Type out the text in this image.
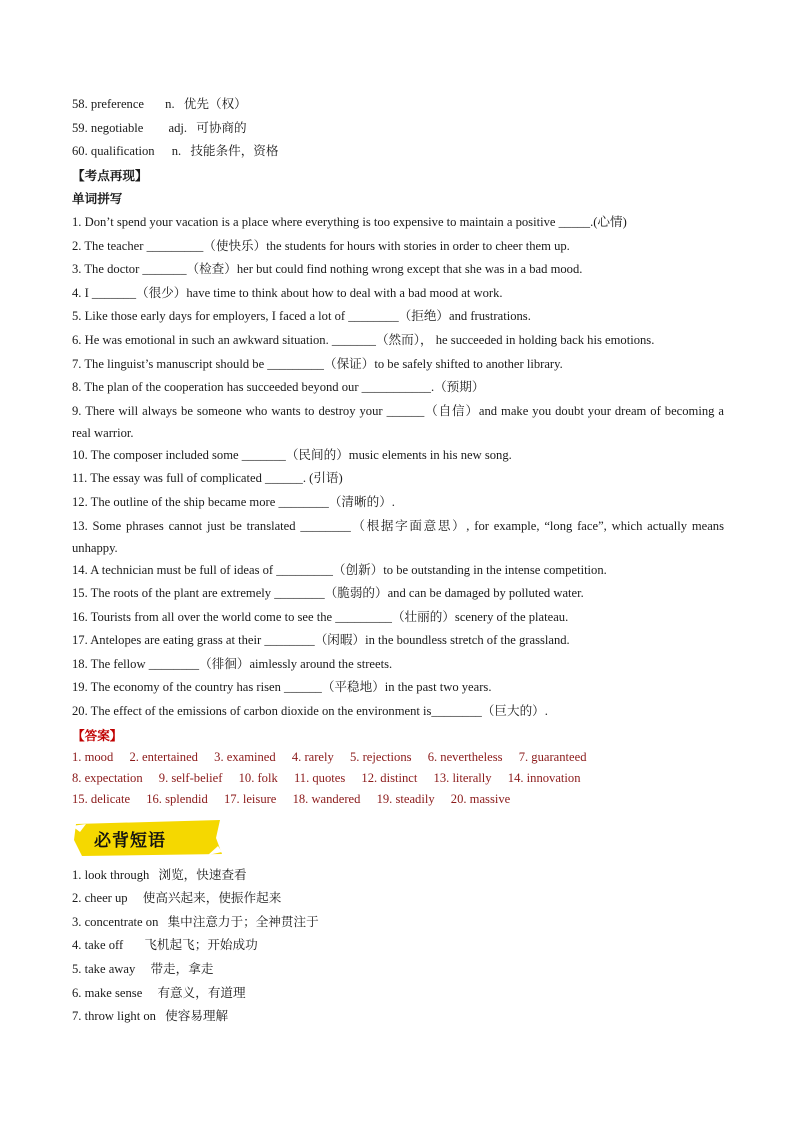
58. preference n. 优先（权）
59. negotiable adj. 可协商的
60. qualification n. 技能条件，资格
【考点再现】
单词拼写
1. Don’t spend your vacation is a place where everything is too expensive to maintain a positive _____.(心情)
2. The teacher _________（使快乐）the students for hours with stories in order to cheer them up.
3. The doctor _______（检查）her but could find nothing wrong except that she was in a bad mood.
4. I _______（很少）have time to think about how to deal with a bad mood at work.
5. Like those early days for employers, I faced a lot of ________（拒绝）and frustrations.
6. He was emotional in such an awkward situation. _______（然而）， he succeeded in holding back his emotions.
7. The linguist’s manuscript should be _________（保证）to be safely shifted to another library.
8. The plan of the cooperation has succeeded beyond our ___________.（预期）
9. There will always be someone who wants to destroy your ______（自信）and make you doubt your dream of becoming a real warrior.
10. The composer included some _______（民间的）music elements in his new song.
11. The essay was full of complicated ______. (引语)
12. The outline of the ship became more ________（清晰的）.
13. Some phrases cannot just be translated ________（根据字面意思）, for example, “long face”, which actually means unhappy.
14. A technician must be full of ideas of _________（创新）to be outstanding in the intense competition.
15. The roots of the plant are extremely ________（脆弱的）and can be damaged by polluted water.
16. Tourists from all over the world come to see the _________（壮丽的）scenery of the plateau.
17. Antelopes are eating grass at their ________（闲暇）in the boundless stretch of the grassland.
18. The fellow ________（徘徊）aimlessly around the streets.
19. The economy of the country has risen ______（平稳地）in the past two years.
20. The effect of the emissions of carbon dioxide on the environment is________（巨大的）.
【答案】
1. mood 2. entertained 3. examined 4. rarely 5. rejections 6. nevertheless 7. guaranteed
8. expectation 9. self-belief 10. folk 11. quotes 12. distinct 13. literally 14. innovation
15. delicate 16. splendid 17. leisure 18. wandered 19. steadily 20. massive
必背短语
1. look through 浏览，快速查看
2. cheer up 使高兴起来，使振作起来
3. concentrate on 集中注意力于；全神贯注于
4. take off 飞机起飞；开始成功
5. take away 带走，拿走
6. make sense 有意义，有道理
7. throw light on 使容易理解
